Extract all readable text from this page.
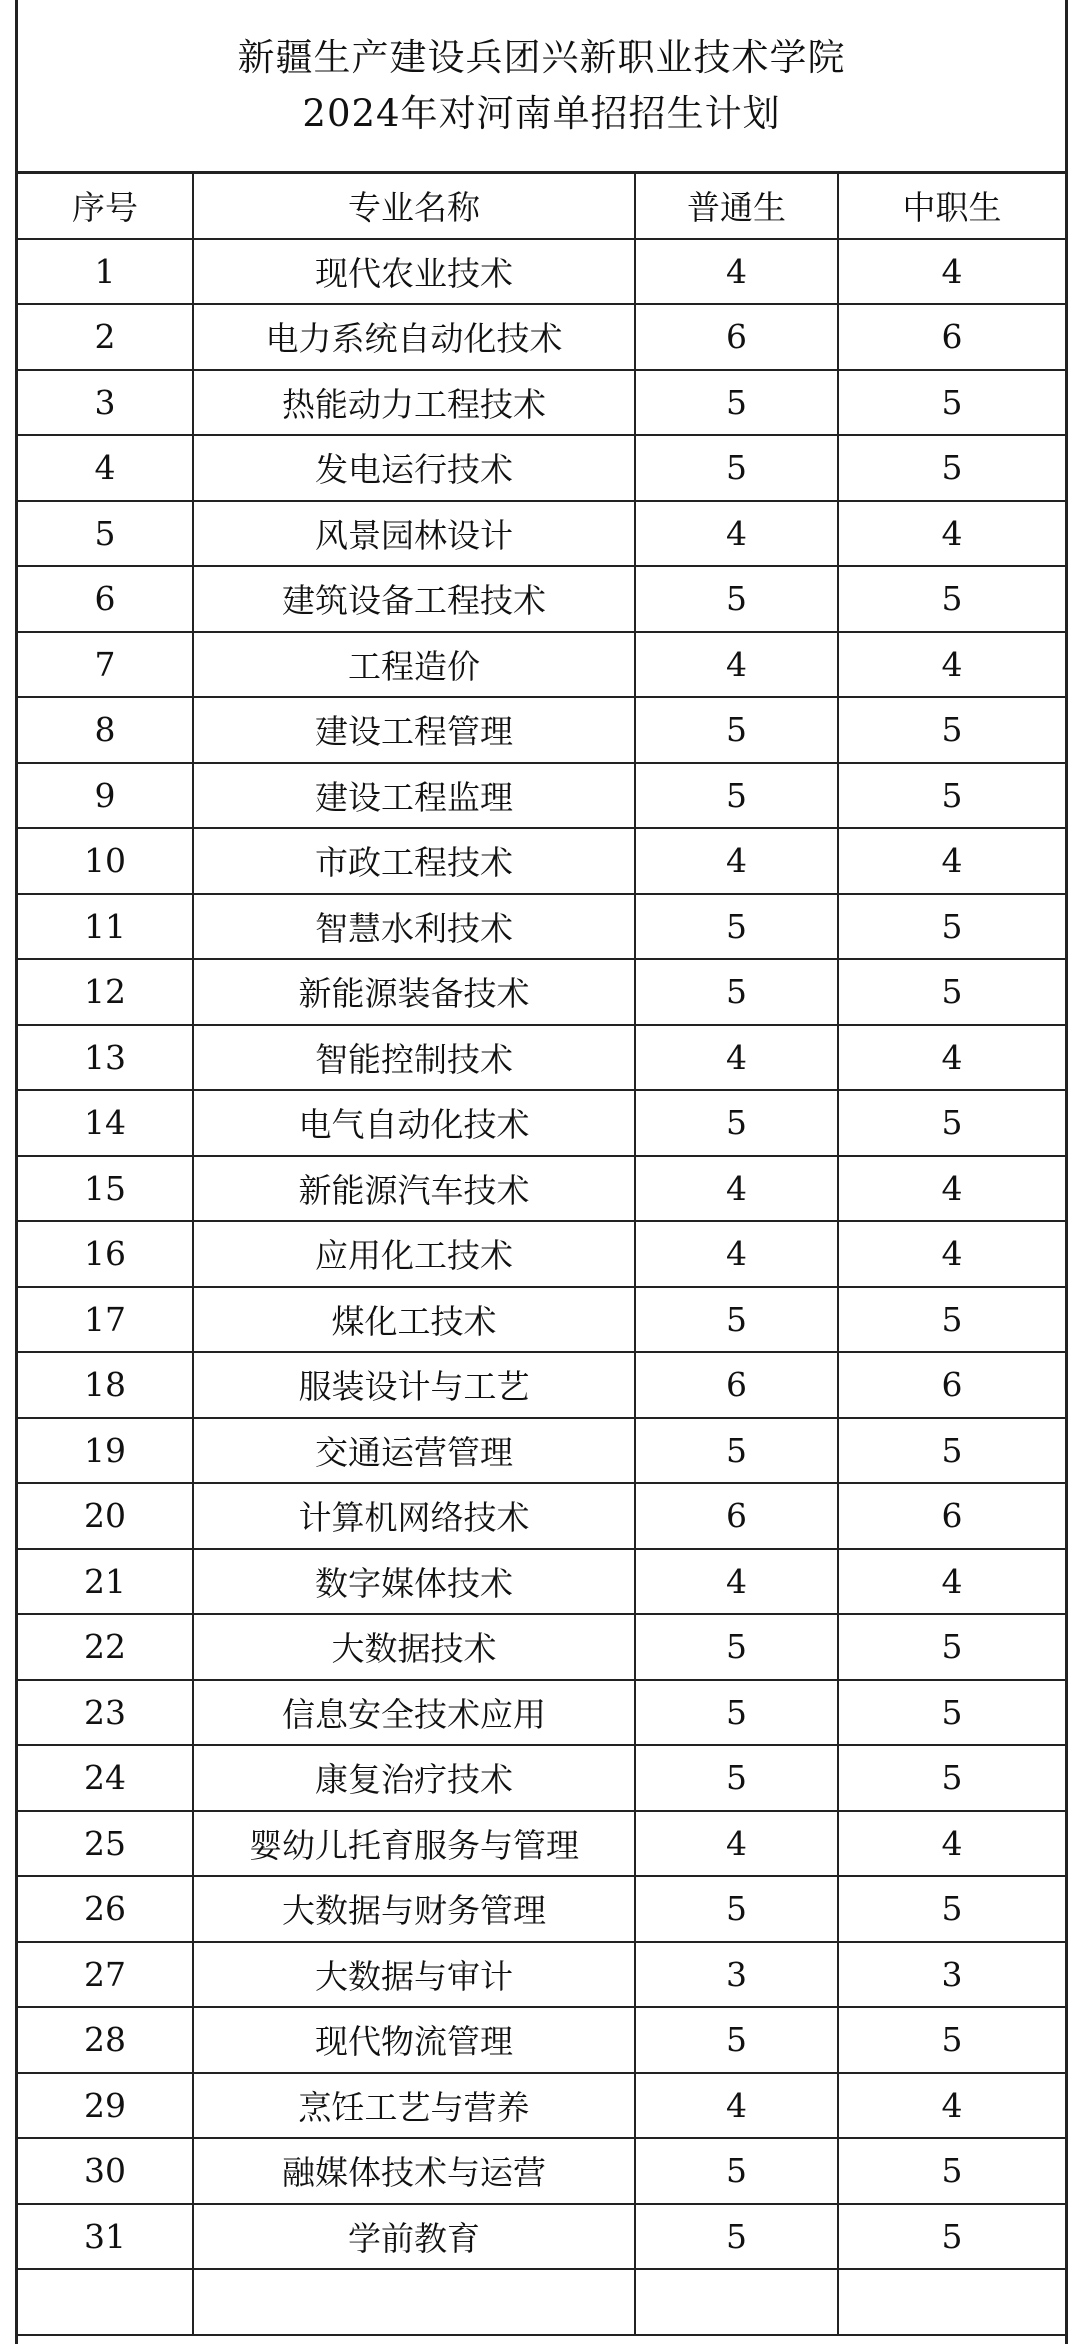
新疆生产建设兵团兴新职业技术学院
2024年对河南单招招生计划
序号	专业名称	普通生	中职生
1	现代农业技术	4	4
2	电力系统自动化技术	6	6
3	热能动力工程技术	5	5
4	发电运行技术	5	5
5	风景园林设计	4	4
6	建筑设备工程技术	5	5
7	工程造价	4	4
8	建设工程管理	5	5
9	建设工程监理	5	5
10	市政工程技术	4	4
11	智慧水利技术	5	5
12	新能源装备技术	5	5
13	智能控制技术	4	4
14	电气自动化技术	5	5
15	新能源汽车技术	4	4
16	应用化工技术	4	4
17	煤化工技术	5	5
18	服装设计与工艺	6	6
19	交通运营管理	5	5
20	计算机网络技术	6	6
21	数字媒体技术	4	4
22	大数据技术	5	5
23	信息安全技术应用	5	5
24	康复治疗技术	5	5
25	婴幼儿托育服务与管理	4	4
26	大数据与财务管理	5	5
27	大数据与审计	3	3
28	现代物流管理	5	5
29	烹饪工艺与营养	4	4
30	融媒体技术与运营	5	5
31	学前教育	5	5
